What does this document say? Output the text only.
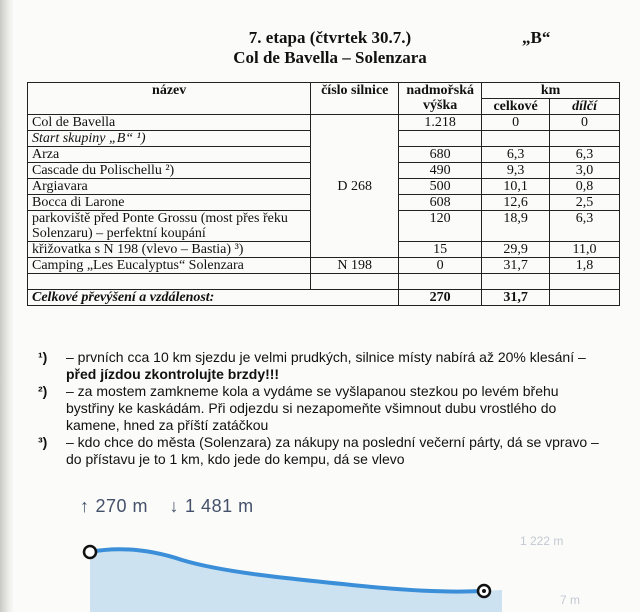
7. etapa (čtvrtek 30.7.)
Col de Bavella – Solenzara
„B“
název	číslo silnice	nadmořská výška	km	
			celkové	dílčí
Col de Bavella	D 268	1.218	0	0
Start skupiny „B“ ¹)				
Arza		680	6,3	6,3
Cascade du Polischellu ²)		490	9,3	3,0
Argiavara		500	10,1	0,8
Bocca di Larone		608	12,6	2,5
parkoviště před Ponte Grossu (most přes řeku Solenzaru) – perfektní koupání		120	18,9	6,3
křižovatka s N 198 (vlevo – Bastia) ³)		15	29,9	11,0
Camping „Les Eucalyptus“ Solenzara	N 198	0	31,7	1,8

Celkové převýšení a vzdálenost:		270	31,7	
¹)	– prvních cca 10 km sjezdu je velmi prudkých, silnice místy nabírá až 20% klesání –
před jízdou zkontrolujte brzdy!!!
²)	– za mostem zamkneme kola a vydáme se vyšlapanou stezkou po levém břehu bystřiny ke kaskádám. Při odjezdu si nezapomeňte všimnout dubu vrostlého do kamene, hned za příští zatáčkou
³)	– kdo chce do města (Solenzara) za nákupy na poslední večerní párty, dá se vpravo – do přístavu je to 1 km, kdo jede do kempu, dá se vlevo
↑ 270 m ↓ 1 481 m
1 222 m
7 m
